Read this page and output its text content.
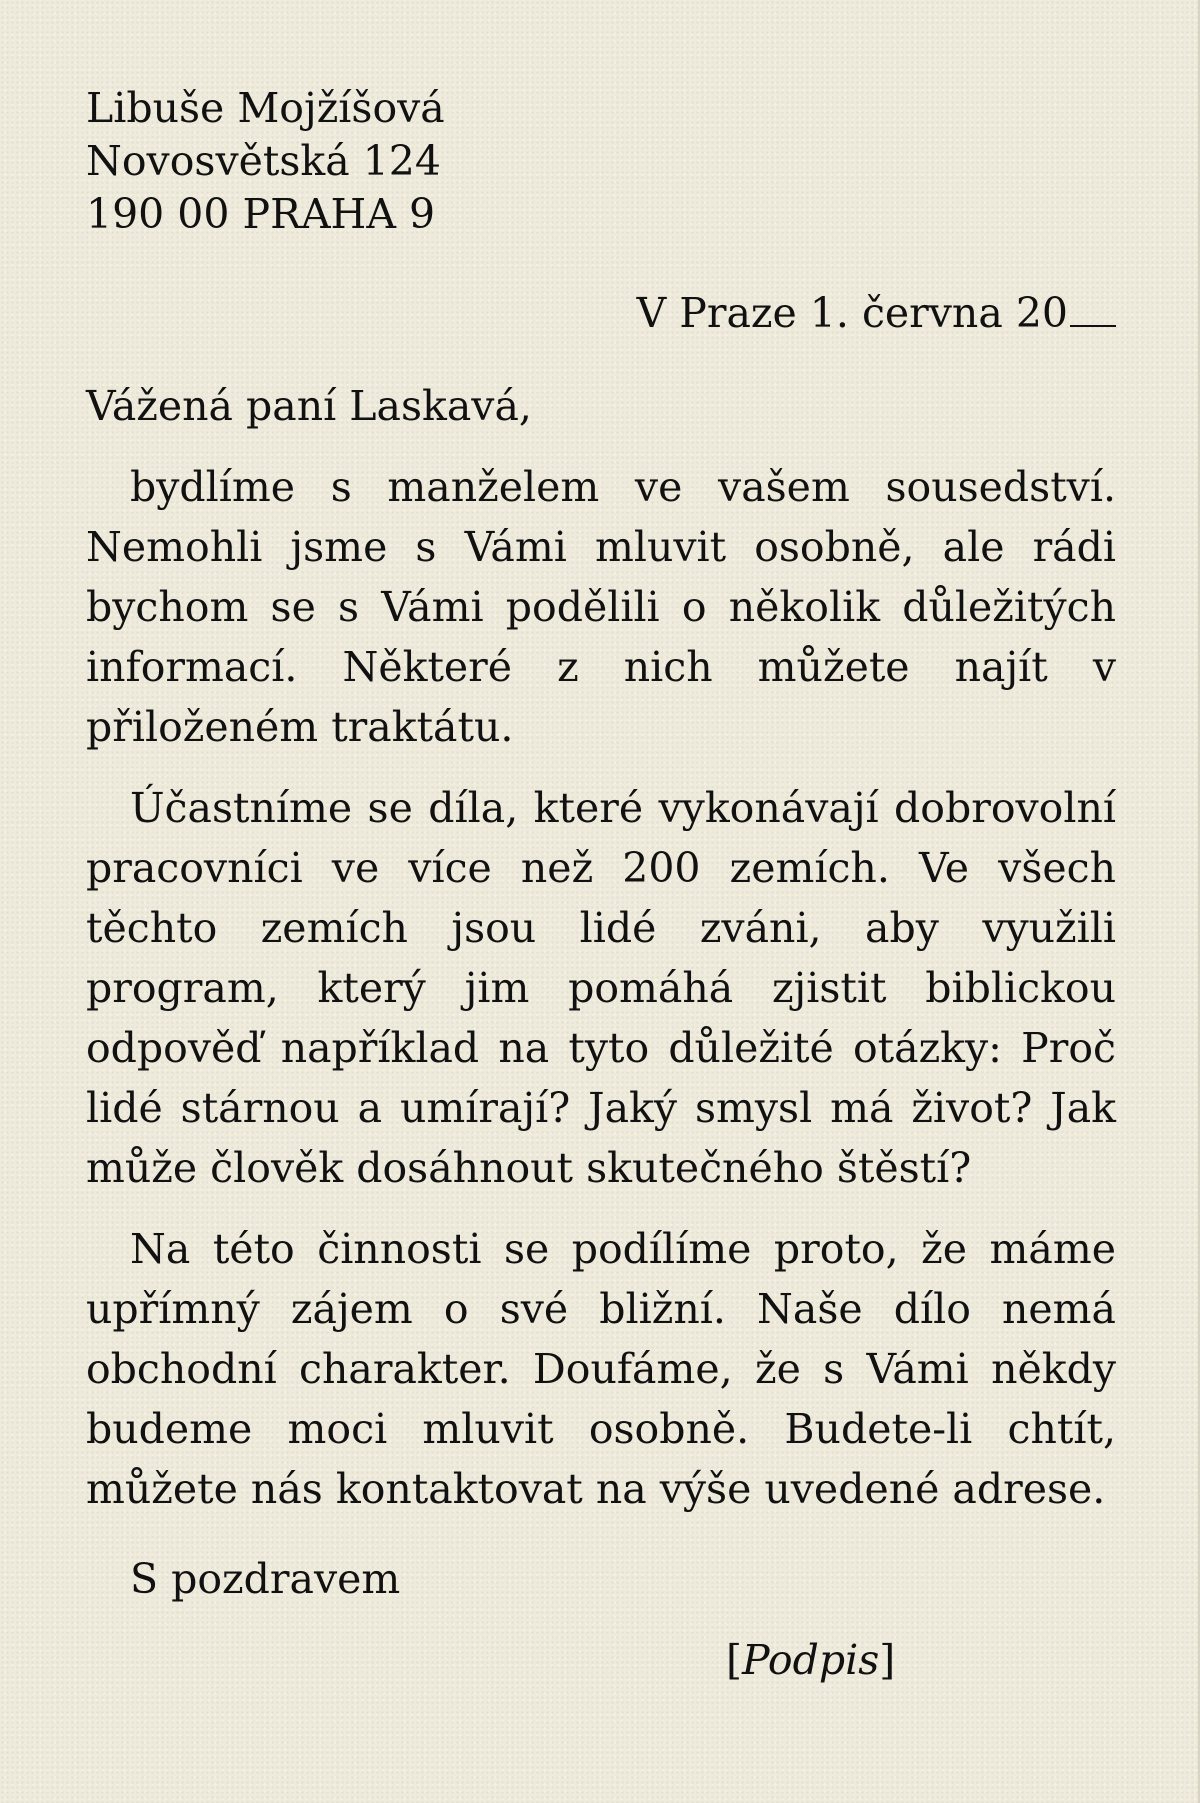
Libuše Mojžíšová
Novosvětská 124
190 00 PRAHA 9
V Praze 1. června 20
Vážená paní Laskavá,

bydlíme s manželem ve vašem sousedství. Nemohli jsme s Vámi mluvit osobně, ale rádi bychom se s Vámi podělili o několik důležitých informací. Některé z nich můžete najít v přiloženém traktátu.

Účastníme se díla, které vykonávají dobrovolní pracovníci ve více než 200 zemích. Ve všech těchto zemích jsou lidé zváni, aby využili program, který jim pomáhá zjistit biblickou odpověď například na tyto důležité otázky: Proč lidé stárnou a umírají? Jaký smysl má život? Jak může člověk dosáhnout skutečného štěstí?

Na této činnosti se podílíme proto, že máme upřímný zájem o své bližní. Naše dílo nemá obchodní charakter. Doufáme, že s Vámi někdy budeme moci mluvit osobně. Budete-li chtít, můžete nás kontaktovat na výše uvedené adrese.

S pozdravem
[Podpis]
